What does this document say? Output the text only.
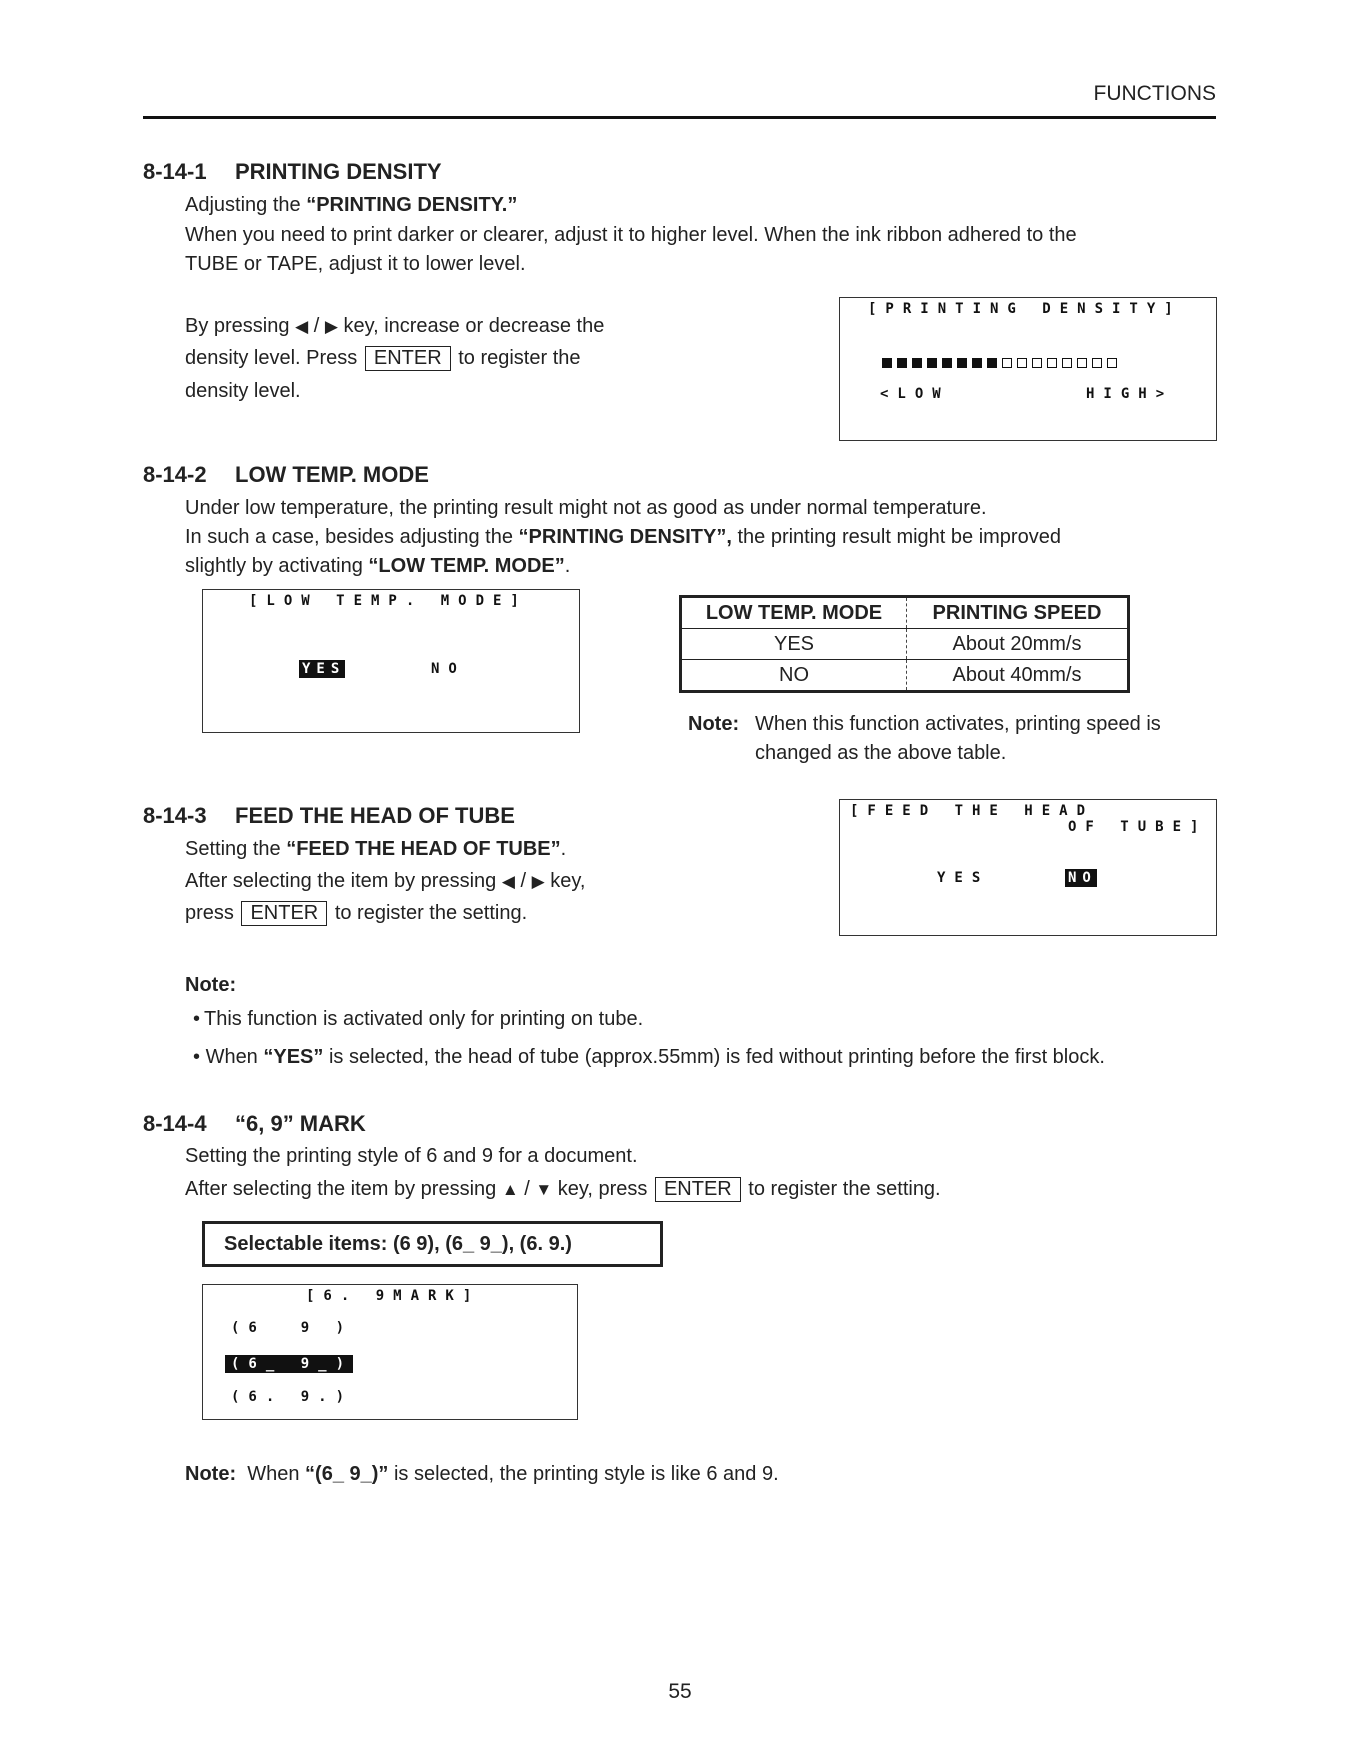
FUNCTIONS
8-14-1 PRINTING DENSITY
Adjusting the “PRINTING DENSITY.”
When you need to print darker or clearer, adjust it to higher level. When the ink ribbon adhered to the
TUBE or TAPE, adjust it to lower level.
By pressing ◀ / ▶ key, increase or decrease the
density level. Press ENTER to register the
density level.
[PRINTING DENSITY]
<LOW	HIGH>
8-14-2 LOW TEMP. MODE
Under low temperature, the printing result might not as good as under normal temperature.
In such a case, besides adjusting the “PRINTING DENSITY”, the printing result might be improved
slightly by activating “LOW TEMP. MODE”.
[LOW TEMP. MODE]
YES	NO
LOW TEMP. MODE	PRINTING SPEED
YES	About 20mm/s
NO	About 40mm/s
Note: When this function activates, printing speed is
changed as the above table.
8-14-3 FEED THE HEAD OF TUBE
Setting the “FEED THE HEAD OF TUBE”.
After selecting the item by pressing ◀ / ▶ key,
press ENTER to register the setting.
[FEED THE HEAD
OF TUBE]
YES	NO
Note:
• This function is activated only for printing on tube.
• When “YES” is selected, the head of tube (approx.55mm) is fed without printing before the first block.
8-14-4 “6, 9” MARK
Setting the printing style of 6 and 9 for a document.
After selecting the item by pressing ▲ / ▼ key, press ENTER to register the setting.
Selectable items: (6 9), (6_ 9_), (6. 9.)
[6. 9MARK]
(6  9 )
(6_ 9_)
(6. 9.)
Note: When “(6_ 9_)” is selected, the printing style is like 6 and 9.
55
